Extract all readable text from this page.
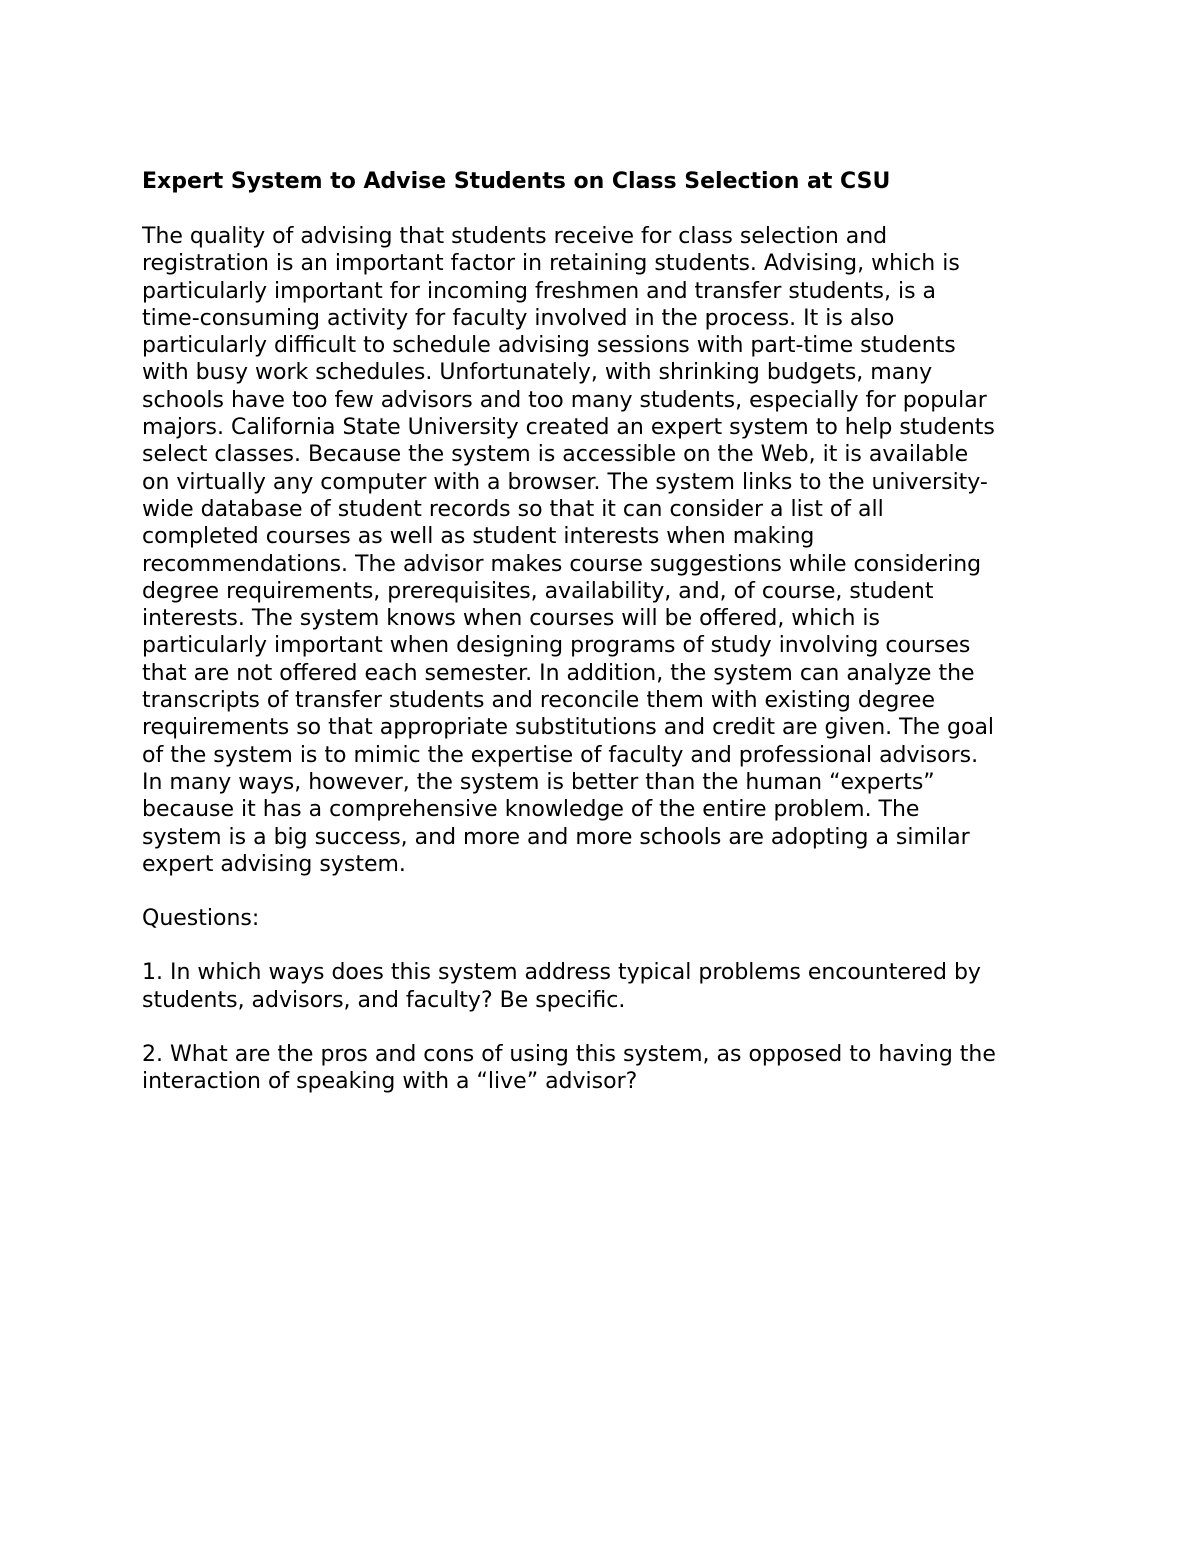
Expert System to Advise Students on Class Selection at CSU

The quality of advising that students receive for class selection and
registration is an important factor in retaining students. Advising, which is
particularly important for incoming freshmen and transfer students, is a
time-consuming activity for faculty involved in the process. It is also
particularly difficult to schedule advising sessions with part-time students
with busy work schedules. Unfortunately, with shrinking budgets, many
schools have too few advisors and too many students, especially for popular
majors. California State University created an expert system to help students
select classes. Because the system is accessible on the Web, it is available
on virtually any computer with a browser. The system links to the university-
wide database of student records so that it can consider a list of all
completed courses as well as student interests when making
recommendations. The advisor makes course suggestions while considering
degree requirements, prerequisites, availability, and, of course, student
interests. The system knows when courses will be offered, which is
particularly important when designing programs of study involving courses
that are not offered each semester. In addition, the system can analyze the
transcripts of transfer students and reconcile them with existing degree
requirements so that appropriate substitutions and credit are given. The goal
of the system is to mimic the expertise of faculty and professional advisors.
In many ways, however, the system is better than the human “experts”
because it has a comprehensive knowledge of the entire problem. The
system is a big success, and more and more schools are adopting a similar
expert advising system.

Questions:

1. In which ways does this system address typical problems encountered by
students, advisors, and faculty? Be specific.

2. What are the pros and cons of using this system, as opposed to having the
interaction of speaking with a “live” advisor?
